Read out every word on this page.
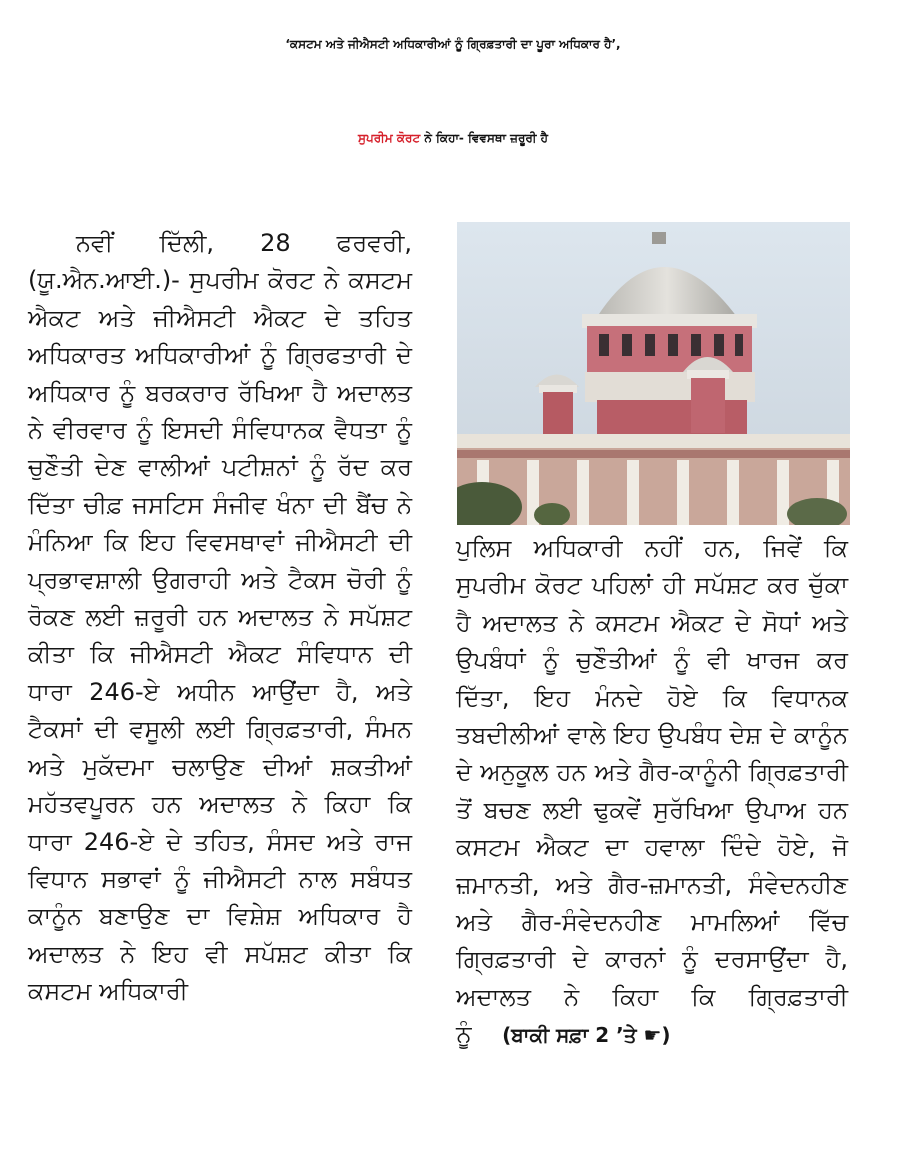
‘ਕਸਟਮ ਅਤੇ ਜੀਐਸਟੀ ਅਧਿਕਾਰੀਆਂ ਨੂੰ ਗ੍ਰਿਫ਼ਤਾਰੀ ਦਾ ਪੂਰਾ ਅਧਿਕਾਰ ਹੈ’,
ਸੁਪਰੀਮ ਕੋਰਟ ਨੇ ਕਿਹਾ- ਵਿਵਸਥਾ ਜ਼ਰੂਰੀ ਹੈ
ਨਵੀਂ ਦਿੱਲੀ, 28 ਫਰਵਰੀ, (ਯੂ.ਐਨ.ਆਈ.)- ਸੁਪਰੀਮ ਕੋਰਟ ਨੇ ਕਸਟਮ ਐਕਟ ਅਤੇ ਜੀਐਸਟੀ ਐਕਟ ਦੇ ਤਹਿਤ ਅਧਿਕਾਰਤ ਅਧਿਕਾਰੀਆਂ ਨੂੰ ਗ੍ਰਿਫਤਾਰੀ ਦੇ ਅਧਿਕਾਰ ਨੂੰ ਬਰਕਰਾਰ ਰੱਖਿਆ ਹੈ ਅਦਾਲਤ ਨੇ ਵੀਰਵਾਰ ਨੂੰ ਇਸਦੀ ਸੰਵਿਧਾਨਕ ਵੈਧਤਾ ਨੂੰ ਚੁਣੌਤੀ ਦੇਣ ਵਾਲੀਆਂ ਪਟੀਸ਼ਨਾਂ ਨੂੰ ਰੱਦ ਕਰ ਦਿੱਤਾ ਚੀਫ਼ ਜਸਟਿਸ ਸੰਜੀਵ ਖੰਨਾ ਦੀ ਬੈਂਚ ਨੇ ਮੰਨਿਆ ਕਿ ਇਹ ਵਿਵਸਥਾਵਾਂ ਜੀਐਸਟੀ ਦੀ ਪ੍ਰਭਾਵਸ਼ਾਲੀ ਉਗਰਾਹੀ ਅਤੇ ਟੈਕਸ ਚੋਰੀ ਨੂੰ ਰੋਕਣ ਲਈ ਜ਼ਰੂਰੀ ਹਨ ਅਦਾਲਤ ਨੇ ਸਪੱਸ਼ਟ ਕੀਤਾ ਕਿ ਜੀਐਸਟੀ ਐਕਟ ਸੰਵਿਧਾਨ ਦੀ ਧਾਰਾ 246-ਏ ਅਧੀਨ ਆਉਂਦਾ ਹੈ, ਅਤੇ ਟੈਕਸਾਂ ਦੀ ਵਸੂਲੀ ਲਈ ਗ੍ਰਿਫ਼ਤਾਰੀ, ਸੰਮਨ ਅਤੇ ਮੁਕੱਦਮਾ ਚਲਾਉਣ ਦੀਆਂ ਸ਼ਕਤੀਆਂ ਮਹੱਤਵਪੂਰਨ ਹਨ ਅਦਾਲਤ ਨੇ ਕਿਹਾ ਕਿ ਧਾਰਾ 246-ਏ ਦੇ ਤਹਿਤ, ਸੰਸਦ ਅਤੇ ਰਾਜ ਵਿਧਾਨ ਸਭਾਵਾਂ ਨੂੰ ਜੀਐਸਟੀ ਨਾਲ ਸਬੰਧਤ ਕਾਨੂੰਨ ਬਣਾਉਣ ਦਾ ਵਿਸ਼ੇਸ਼ ਅਧਿਕਾਰ ਹੈ ਅਦਾਲਤ ਨੇ ਇਹ ਵੀ ਸਪੱਸ਼ਟ ਕੀਤਾ ਕਿ ਕਸਟਮ ਅਧਿਕਾਰੀ
ਪੁਲਿਸ ਅਧਿਕਾਰੀ ਨਹੀਂ ਹਨ, ਜਿਵੇਂ ਕਿ ਸੁਪਰੀਮ ਕੋਰਟ ਪਹਿਲਾਂ ਹੀ ਸਪੱਸ਼ਟ ਕਰ ਚੁੱਕਾ ਹੈ ਅਦਾਲਤ ਨੇ ਕਸਟਮ ਐਕਟ ਦੇ ਸੋਧਾਂ ਅਤੇ ਉਪਬੰਧਾਂ ਨੂੰ ਚੁਣੌਤੀਆਂ ਨੂੰ ਵੀ ਖਾਰਜ ਕਰ ਦਿੱਤਾ, ਇਹ ਮੰਨਦੇ ਹੋਏ ਕਿ ਵਿਧਾਨਕ ਤਬਦੀਲੀਆਂ ਵਾਲੇ ਇਹ ਉਪਬੰਧ ਦੇਸ਼ ਦੇ ਕਾਨੂੰਨ ਦੇ ਅਨੁਕੂਲ ਹਨ ਅਤੇ ਗੈਰ-ਕਾਨੂੰਨੀ ਗ੍ਰਿਫ਼ਤਾਰੀ ਤੋਂ ਬਚਣ ਲਈ ਢੁਕਵੇਂ ਸੁਰੱਖਿਆ ਉਪਾਅ ਹਨ ਕਸਟਮ ਐਕਟ ਦਾ ਹਵਾਲਾ ਦਿੰਦੇ ਹੋਏ, ਜੋ ਜ਼ਮਾਨਤੀ, ਅਤੇ ਗੈਰ-ਜ਼ਮਾਨਤੀ, ਸੰਵੇਦਨਹੀਣ ਅਤੇ ਗੈਰ-ਸੰਵੇਦਨਹੀਣ ਮਾਮਲਿਆਂ ਵਿੱਚ ਗ੍ਰਿਫ਼ਤਾਰੀ ਦੇ ਕਾਰਨਾਂ ਨੂੰ ਦਰਸਾਉਂਦਾ ਹੈ, ਅਦਾਲਤ ਨੇ ਕਿਹਾ ਕਿ ਗ੍ਰਿਫ਼ਤਾਰੀ ਨੂੰ (ਬਾਕੀ ਸਫ਼ਾ 2 ’ਤੇ ☛)
